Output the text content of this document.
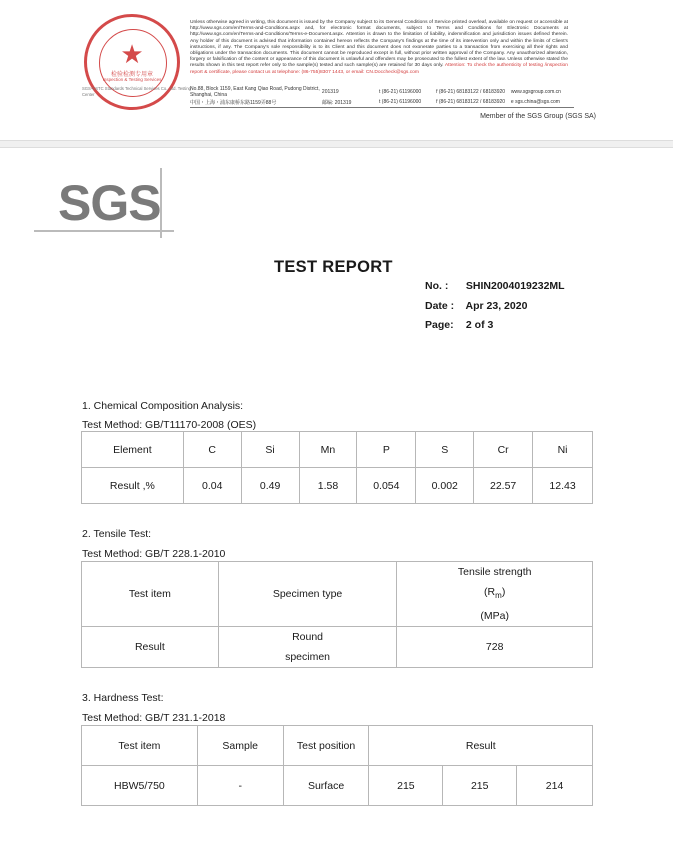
★
检验检测专用章
Inspection & Testing Services
Unless otherwise agreed in writing, this document is issued by the Company subject to its General Conditions of Service printed overleaf, available on request or accessible at http://www.sgs.com/en/Terms-and-Conditions.aspx and, for electronic format documents, subject to Terms and Conditions for Electronic Documents at http://www.sgs.com/en/Terms-and-Conditions/Terms-e-Document.aspx. Attention is drawn to the limitation of liability, indemnification and jurisdiction issues defined therein. Any holder of this document is advised that information contained hereon reflects the Company's findings at the time of its intervention only and within the limits of Client's instructions, if any. The Company's sole responsibility is to its Client and this document does not exonerate parties to a transaction from exercising all their rights and obligations under the transaction documents. This document cannot be reproduced except in full, without prior written approval of the Company. Any unauthorized alteration, forgery or falsification of the content or appearance of this document is unlawful and offenders may be prosecuted to the fullest extent of the law. Unless otherwise stated the results shown in this test report refer only to the sample(s) tested and such sample(s) are retained for 30 days only. Attention: To check the authenticity of testing /inspection report & certificate, please contact us at telephone: (86-755)8307 1443, or email: CN.Doccheck@sgs.com
SGS-CSTC Standards Technical Services Co., Ltd. Testing Center
No.88, Block 1159, East Kang Qiao Road, Pudong District, Shanghai, China	201319	t (86-21) 61196000	f (86-21) 68183122 / 68183920	www.sgsgroup.com.cn
中国・上海・浦东康桥东路1159弄88号	邮编: 201319	t (86-21) 61196000	f (86-21) 68183122 / 68183920	e sgs.china@sgs.com
Member of the SGS Group (SGS SA)
SGS
TEST REPORT
No. : SHIN2004019232ML
Date : Apr 23, 2020
Page: 2 of 3
1. Chemical Composition Analysis:
Test Method: GB/T11170-2008 (OES)
Element	C	Si	Mn	P	S	Cr	Ni
Result ,%	0.04	0.49	1.58	0.054	0.002	22.57	12.43
2. Tensile Test:
Test Method: GB/T 228.1-2010
Test item	Specimen type	Tensile strength
$(R_m)$
(MPa)

Result	Round
specimen	728
3. Hardness Test:
Test Method: GB/T 231.1-2018
Test item	Sample	Test position	Result		
HBW5/750	-	Surface	215	215	214
